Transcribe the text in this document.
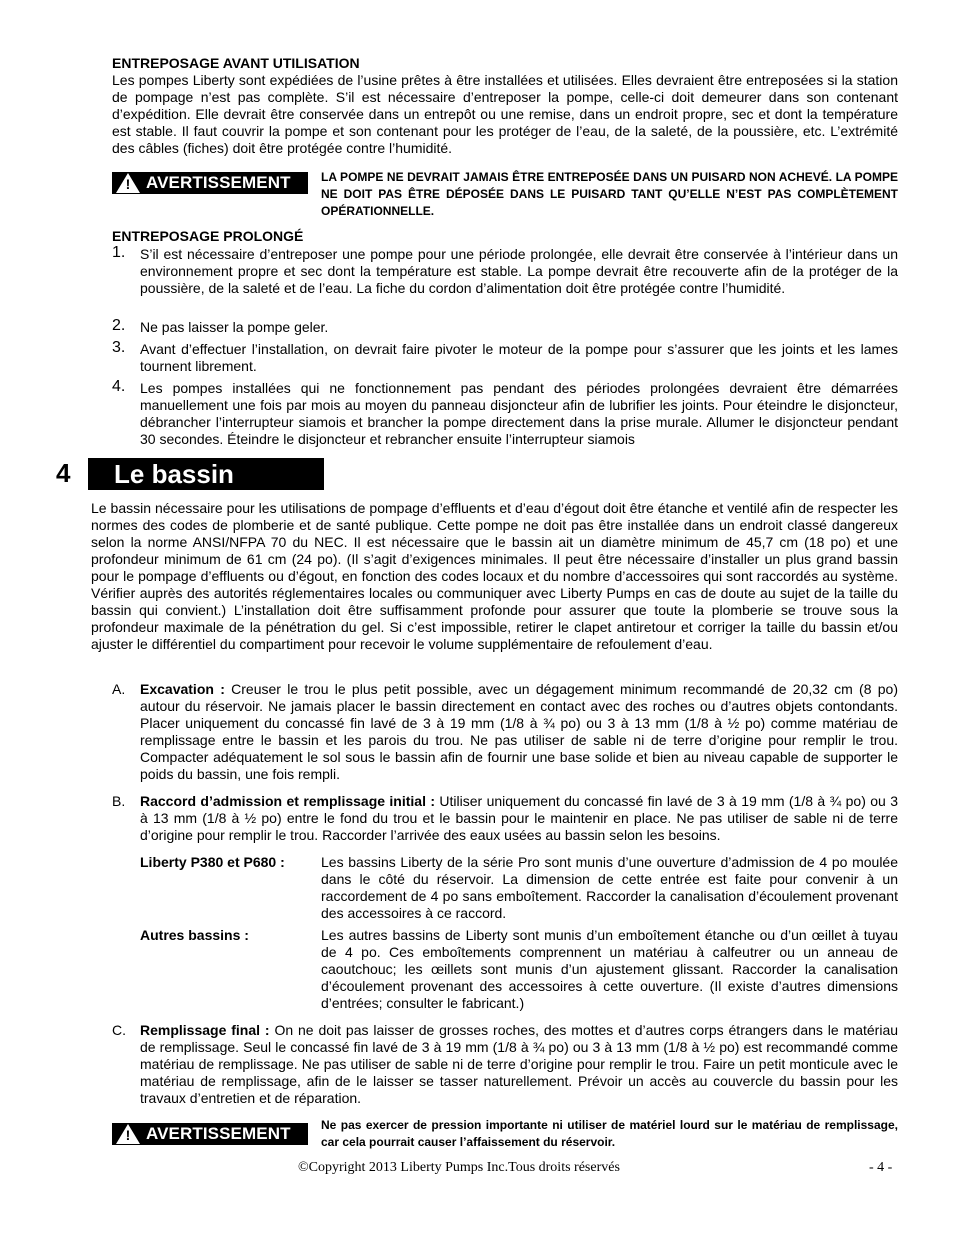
ENTREPOSAGE AVANT UTILISATION
Les pompes Liberty sont expédiées de l’usine prêtes à être installées et utilisées. Elles devraient être entreposées si la station de pompage n’est pas complète. S’il est nécessaire d’entreposer la pompe, celle-ci doit demeurer dans son contenant d’expédition. Elle devrait être conservée dans un entrepôt ou une remise, dans un endroit propre, sec et dont la température est stable. Il faut couvrir la pompe et son contenant pour les protéger de l’eau, de la saleté, de la poussière, etc. L’extrémité des câbles (fiches) doit être protégée contre l’humidité.
! AVERTISSEMENT	LA POMPE NE DEVRAIT JAMAIS ÊTRE ENTREPOSÉE DANS UN PUISARD NON ACHEVÉ. LA POMPE NE DOIT PAS ÊTRE DÉPOSÉE DANS LE PUISARD TANT QU’ELLE N’EST PAS COMPLÈTEMENT OPÉRATIONNELLE.
ENTREPOSAGE PROLONGÉ
1. S’il est nécessaire d’entreposer une pompe pour une période prolongée, elle devrait être conservée à l’intérieur dans un environnement propre et sec dont la température est stable. La pompe devrait être recouverte afin de la protéger de la poussière, de la saleté et de l’eau. La fiche du cordon d’alimentation doit être protégée contre l’humidité.
2. Ne pas laisser la pompe geler.
3. Avant d’effectuer l’installation, on devrait faire pivoter le moteur de la pompe pour s’assurer que les joints et les lames tournent librement.
4. Les pompes installées qui ne fonctionnement pas pendant des périodes prolongées devraient être démarrées manuellement une fois par mois au moyen du panneau disjoncteur afin de lubrifier les joints. Pour éteindre le disjoncteur, débrancher l’interrupteur siamois et brancher la pompe directement dans la prise murale. Allumer le disjoncteur pendant 30 secondes. Éteindre le disjoncteur et rebrancher ensuite l’interrupteur siamois
4	Le bassin
Le bassin nécessaire pour les utilisations de pompage d’effluents et d’eau d’égout doit être étanche et ventilé afin de respecter les normes des codes de plomberie et de santé publique. Cette pompe ne doit pas être installée dans un endroit classé dangereux selon la norme ANSI/NFPA 70 du NEC. Il est nécessaire que le bassin ait un diamètre minimum de 45,7 cm (18 po) et une profondeur minimum de 61 cm (24 po). (Il s’agit d’exigences minimales. Il peut être nécessaire d’installer un plus grand bassin pour le pompage d’effluents ou d’égout, en fonction des codes locaux et du nombre d’accessoires qui sont raccordés au système. Vérifier auprès des autorités réglementaires locales ou communiquer avec Liberty Pumps en cas de doute au sujet de la taille du bassin qui convient.) L’installation doit être suffisamment profonde pour assurer que toute la plomberie se trouve sous la profondeur maximale de la pénétration du gel. Si c’est impossible, retirer le clapet antiretour et corriger la taille du bassin et/ou ajuster le différentiel du compartiment pour recevoir le volume supplémentaire de refoulement d’eau.
A. Excavation : Creuser le trou le plus petit possible, avec un dégagement minimum recommandé de 20,32 cm (8 po) autour du réservoir. Ne jamais placer le bassin directement en contact avec des roches ou d’autres objets contondants. Placer uniquement du concassé fin lavé de 3 à 19 mm (1/8 à ¾ po) ou 3 à 13 mm (1/8 à ½ po) comme matériau de remplissage entre le bassin et les parois du trou. Ne pas utiliser de sable ni de terre d’origine pour remplir le trou. Compacter adéquatement le sol sous le bassin afin de fournir une base solide et bien au niveau capable de supporter le poids du bassin, une fois rempli.
B. Raccord d’admission et remplissage initial : Utiliser uniquement du concassé fin lavé de 3 à 19 mm (1/8 à ¾ po) ou 3 à 13 mm (1/8 à ½ po) entre le fond du trou et le bassin pour le maintenir en place. Ne pas utiliser de sable ni de terre d’origine pour remplir le trou. Raccorder l’arrivée des eaux usées au bassin selon les besoins.
Liberty P380 et P680 :	Les bassins Liberty de la série Pro sont munis d’une ouverture d’admission de 4 po moulée dans le côté du réservoir. La dimension de cette entrée est faite pour convenir à un raccordement de 4 po sans emboîtement. Raccorder la canalisation d’écoulement provenant des accessoires à ce raccord.
Autres bassins :	Les autres bassins de Liberty sont munis d’un emboîtement étanche ou d’un œillet à tuyau de 4 po. Ces emboîtements comprennent un matériau à calfeutrer ou un anneau de caoutchouc; les œillets sont munis d’un ajustement glissant. Raccorder la canalisation d’écoulement provenant des accessoires à cette ouverture. (Il existe d’autres dimensions d’entrées; consulter le fabricant.)
C. Remplissage final : On ne doit pas laisser de grosses roches, des mottes et d’autres corps étrangers dans le matériau de remplissage. Seul le concassé fin lavé de 3 à 19 mm (1/8 à ¾ po) ou 3 à 13 mm (1/8 à ½ po) est recommandé comme matériau de remplissage. Ne pas utiliser de sable ni de terre d’origine pour remplir le trou. Faire un petit monticule avec le matériau de remplissage, afin de le laisser se tasser naturellement. Prévoir un accès au couvercle du bassin pour les travaux d’entretien et de réparation.
! AVERTISSEMENT	Ne pas exercer de pression importante ni utiliser de matériel lourd sur le matériau de remplissage, car cela pourrait causer l’affaissement du réservoir.
©Copyright 2013 Liberty Pumps Inc.Tous droits réservés	- 4 -
